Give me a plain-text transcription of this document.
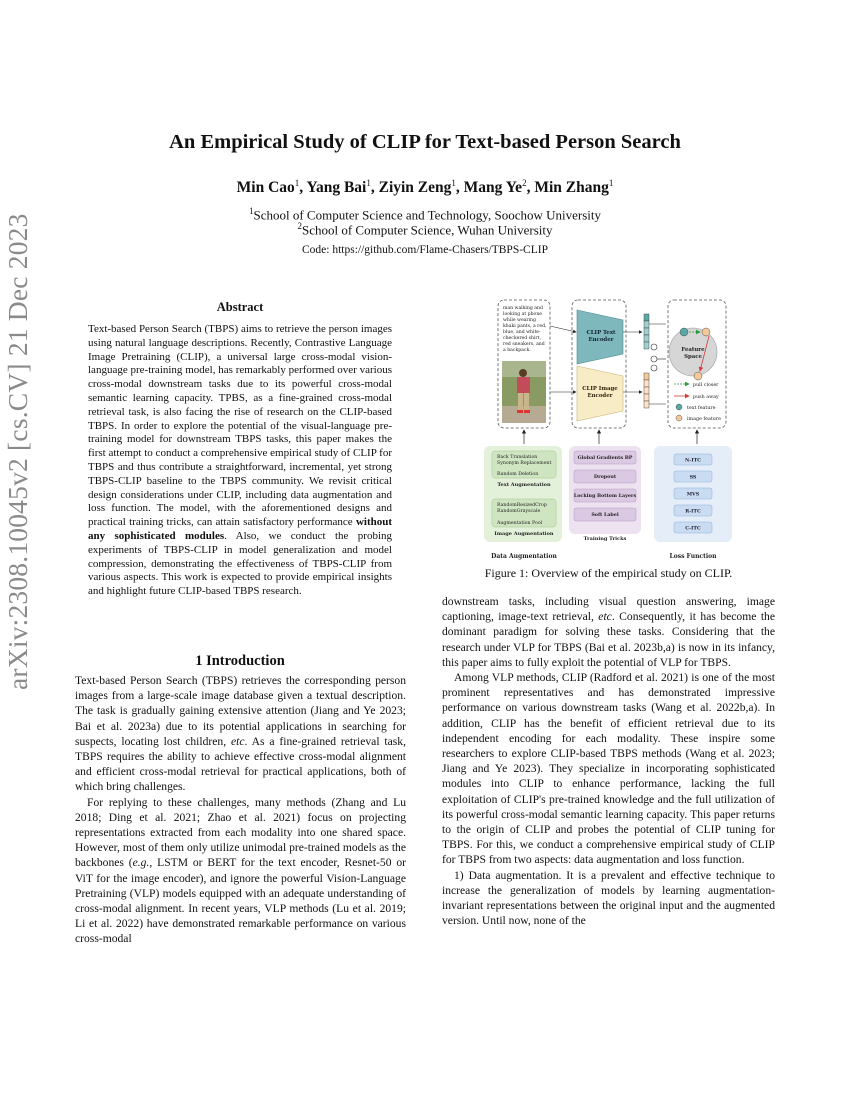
arXiv:2308.10045v2 [cs.CV] 21 Dec 2023
An Empirical Study of CLIP for Text-based Person Search
Min Cao$^1$, Yang Bai$^1$, Ziyin Zeng$^1$, Mang Ye$^2$, Min Zhang$^1$
$^1$School of Computer Science and Technology, Soochow University
$^2$School of Computer Science, Wuhan University
Code: https://github.com/Flame-Chasers/TBPS-CLIP
Abstract
Text-based Person Search (TBPS) aims to retrieve the person images using natural language descriptions. Recently, Contrastive Language Image Pretraining (CLIP), a universal large cross-modal vision-language pre-training model, has remarkably performed over various cross-modal downstream tasks due to its powerful cross-modal semantic learning capacity. TPBS, as a fine-grained cross-modal retrieval task, is also facing the rise of research on the CLIP-based TBPS. In order to explore the potential of the visual-language pre-training model for downstream TBPS tasks, this paper makes the first attempt to conduct a comprehensive empirical study of CLIP for TBPS and thus contribute a straightforward, incremental, yet strong TBPS-CLIP baseline to the TBPS community. We revisit critical design considerations under CLIP, including data augmentation and loss function. The model, with the aforementioned designs and practical training tricks, can attain satisfactory performance without any sophisticated modules. Also, we conduct the probing experiments of TBPS-CLIP in model generalization and model compression, demonstrating the effectiveness of TBPS-CLIP from various aspects. This work is expected to provide empirical insights and highlight future CLIP-based TBPS research.
1 Introduction

Text-based Person Search (TBPS) retrieves the corresponding person images from a large-scale image database given a textual description. The task is gradually gaining extensive attention (Jiang and Ye 2023; Bai et al. 2023a) due to its potential applications in searching for suspects, locating lost children, etc. As a fine-grained retrieval task, TBPS requires the ability to achieve effective cross-modal alignment and efficient cross-modal retrieval for practical applications, both of which bring challenges.

For replying to these challenges, many methods (Zhang and Lu 2018; Ding et al. 2021; Zhao et al. 2021) focus on projecting representations extracted from each modality into one shared space. However, most of them only utilize unimodal pre-trained models as the backbones (e.g., LSTM or BERT for the text encoder, Resnet-50 or ViT for the image encoder), and ignore the powerful Vision-Language Pretraining (VLP) models equipped with an adequate understanding of cross-modal alignment. In recent years, VLP methods (Lu et al. 2019; Li et al. 2022) have demonstrated remarkable performance on various cross-modal

man walking and
looking at phone
while wearing
khaki pants, a red,
blue, and white-
checkered shirt,
red sneakers, and
a backpack.
CLIP Text
Encoder
CLIP Image
Encoder
Feature
Space
pull closer
push away
text feature
image feature
Back Translation
Synonym Replacement
Random Deletion
Text Augmentation
RandomResizedCrop
RandomGrayscale
Augmentation Pool
Image Augmentation
Data Augmentation
Global Gradients BP
Dropout
Locking Bottom Layers
Soft Label
Training Tricks
N-ITC
SS
MVS
R-ITC
C-ITC
Loss Function
Figure 1: Overview of the empirical study on CLIP.

downstream tasks, including visual question answering, image captioning, image-text retrieval, etc. Consequently, it has become the dominant paradigm for solving these tasks. Considering that the research under VLP for TBPS (Bai et al. 2023b,a) is now in its infancy, this paper aims to fully exploit the potential of VLP for TBPS.

Among VLP methods, CLIP (Radford et al. 2021) is one of the most prominent representatives and has demonstrated impressive performance on various downstream tasks (Wang et al. 2022b,a). In addition, CLIP has the benefit of efficient retrieval due to its independent encoding for each modality. These inspire some researchers to explore CLIP-based TBPS methods (Wang et al. 2023; Jiang and Ye 2023). They specialize in incorporating sophisticated modules into CLIP to enhance performance, lacking the full exploitation of CLIP's pre-trained knowledge and the full utilization of its powerful cross-modal semantic learning capacity. This paper returns to the origin of CLIP and probes the potential of CLIP tuning for TBPS. For this, we conduct a comprehensive empirical study of CLIP for TBPS from two aspects: data augmentation and loss function.

1) Data augmentation. It is a prevalent and effective technique to increase the generalization of models by learning augmentation-invariant representations between the original input and the augmented version. Until now, none of the
